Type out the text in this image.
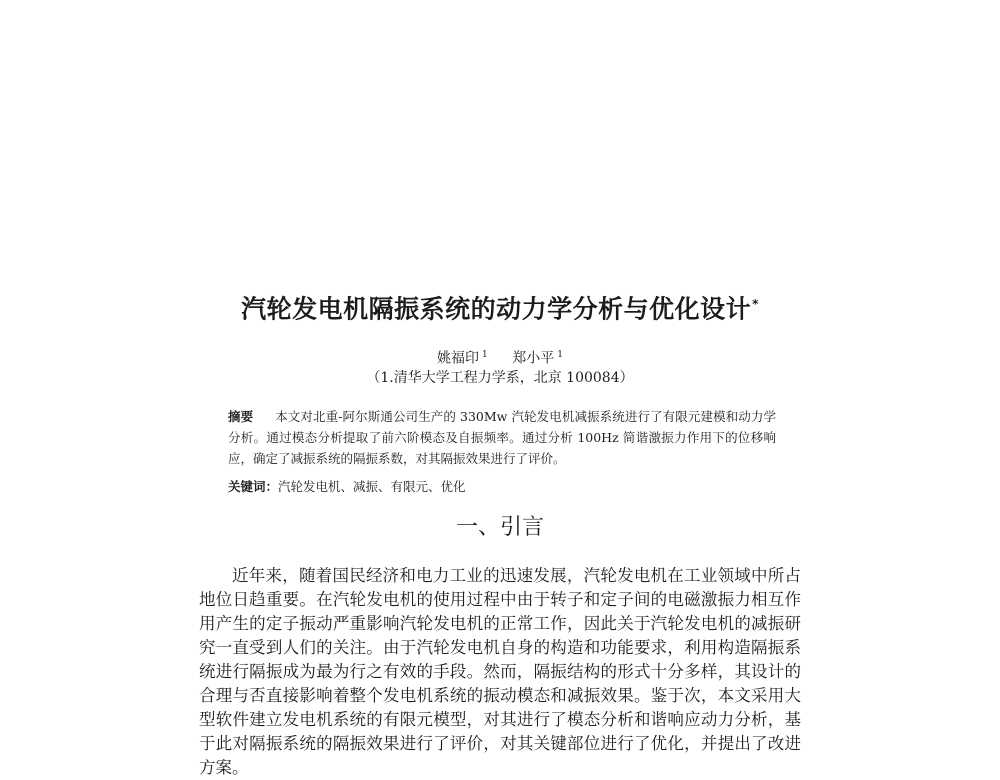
汽轮发电机隔振系统的动力学分析与优化设计*
姚福印 $^1$ 郑小平 $^1$
（1.清华大学工程力学系，北京 100084）
摘要 本文对北重-阿尔斯通公司生产的 330Mw 汽轮发电机减振系统进行了有限元建模和动力学分析。通过模态分析提取了前六阶模态及自振频率。通过分析 100Hz 简谐激振力作用下的位移响应，确定了减振系统的隔振系数，对其隔振效果进行了评价。
关键词：汽轮发电机、减振、有限元、优化
一、引言
近年来，随着国民经济和电力工业的迅速发展，汽轮发电机在工业领域中所占地位日趋重要。在汽轮发电机的使用过程中由于转子和定子间的电磁激振力相互作用产生的定子振动严重影响汽轮发电机的正常工作，因此关于汽轮发电机的减振研究一直受到人们的关注。由于汽轮发电机自身的构造和功能要求，利用构造隔振系统进行隔振成为最为行之有效的手段。然而，隔振结构的形式十分多样，其设计的合理与否直接影响着整个发电机系统的振动模态和减振效果。鉴于次，本文采用大型软件建立发电机系统的有限元模型，对其进行了模态分析和谐响应动力分析，基于此对隔振系统的隔振效果进行了评价，对其关键部位进行了优化，并提出了改进方案。
